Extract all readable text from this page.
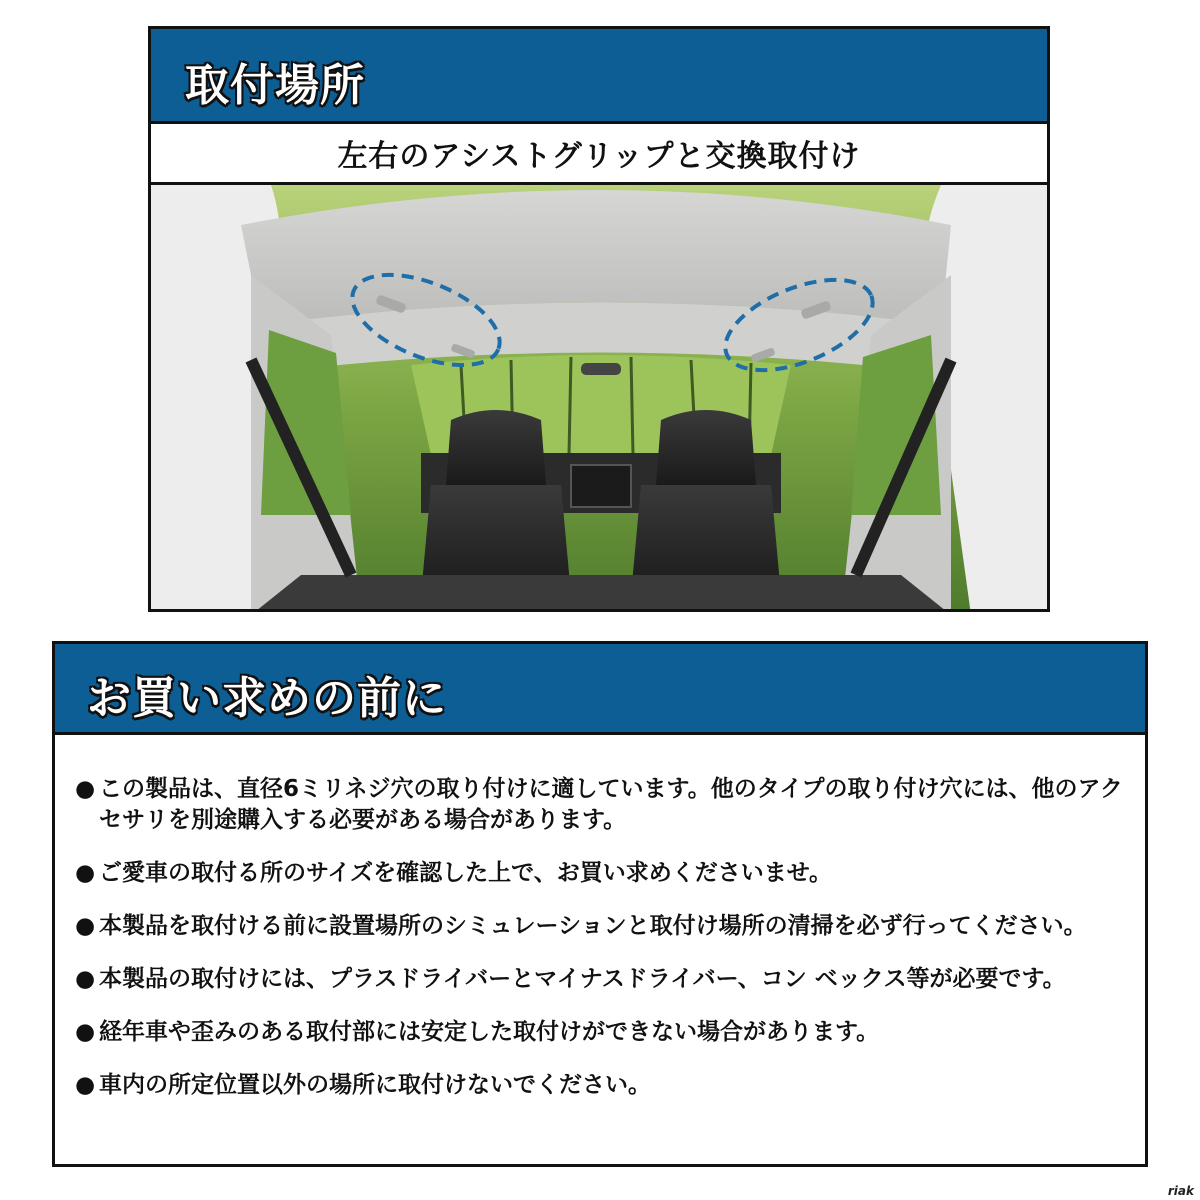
取付場所
左右のアシストグリップと交換取付け
お買い求めの前に
● この製品は、直径6ミリネジ穴の取り付けに適しています。他のタイプの取り付け穴には、他のアクセサリを別途購入する必要がある場合があります。
● ご愛車の取付る所のサイズを確認した上で、お買い求めくださいませ。
● 本製品を取付ける前に設置場所のシミュレーションと取付け場所の清掃を必ず行ってください。
● 本製品の取付けには、プラスドライバーとマイナスドライバー、コン ベックス等が必要です。
● 経年車や歪みのある取付部には安定した取付けができない場合があります。
● 車内の所定位置以外の場所に取付けないでください。
riak
